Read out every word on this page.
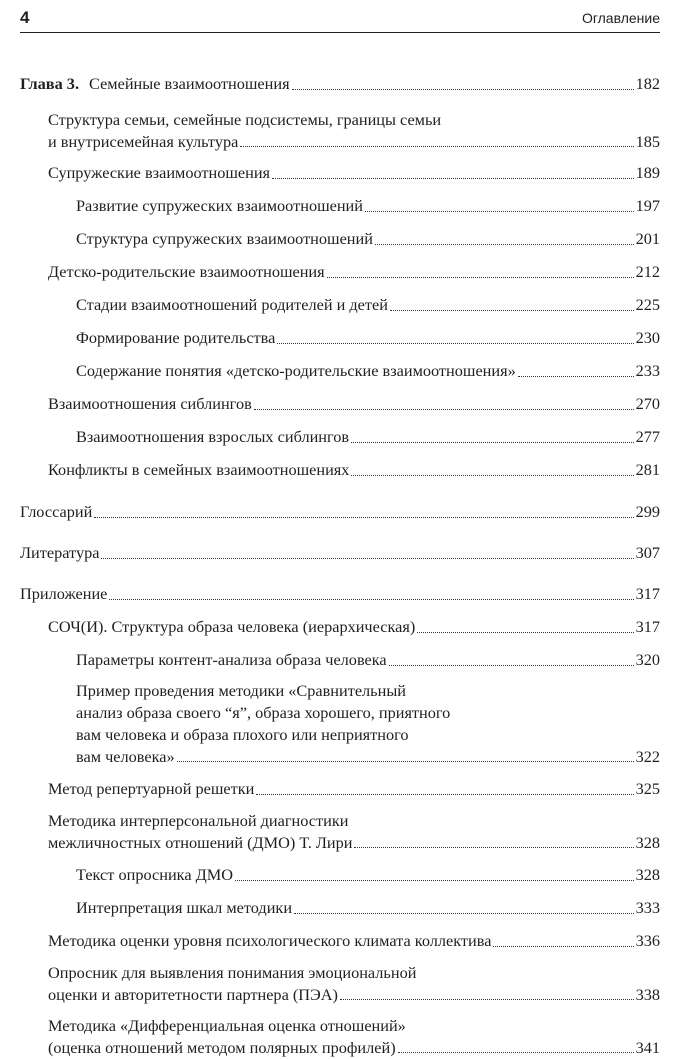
4	Оглавление
Глава 3. Семейные взаимоотношения	182
Структура семьи, семейные подсистемы, границы семьи
и внутрисемейная культура	185
Супружеские взаимоотношения	189
Развитие супружеских взаимоотношений	197
Структура супружеских взаимоотношений	201
Детско-родительские взаимоотношения	212
Стадии взаимоотношений родителей и детей	225
Формирование родительства	230
Содержание понятия «детско-родительские взаимоотношения»	233
Взаимоотношения сиблингов	270
Взаимоотношения взрослых сиблингов	277
Конфликты в семейных взаимоотношениях	281
Глоссарий	299
Литература	307
Приложение	317
СОЧ(И). Структура образа человека (иерархическая)	317
Параметры контент-анализа образа человека	320
Пример проведения методики «Сравнительный
анализ образа своего “я”, образа хорошего, приятного
вам человека и образа плохого или неприятного
вам человека»	322
Метод репертуарной решетки	325
Методика интерперсональной диагностики
межличностных отношений (ДМО) Т. Лири	328
Текст опросника ДМО	328
Интерпретация шкал методики	333
Методика оценки уровня психологического климата коллектива	336
Опросник для выявления понимания эмоциональной
оценки и авторитетности партнера (ПЭА)	338
Методика «Дифференциальная оценка отношений»
(оценка отношений методом полярных профилей)	341
